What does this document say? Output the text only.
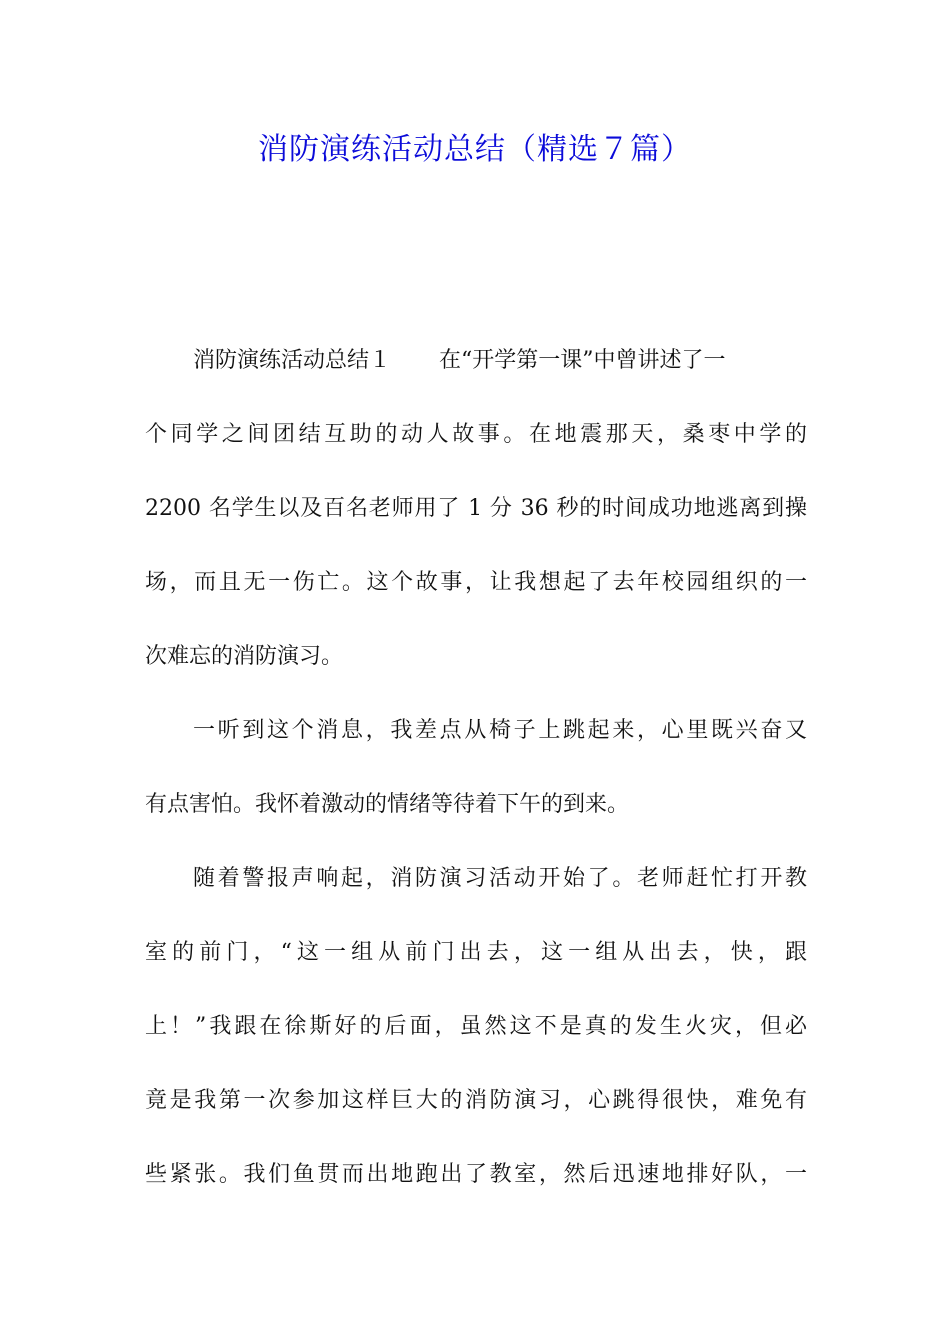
消防演练活动总结（精选７篇）
消防演练活动总结１ 在“开学第一课”中曾讲述了一
个同学之间团结互助的动人故事。在地震那天，桑枣中学的
2200 名学生以及百名老师用了 1 分 36 秒的时间成功地逃离到操
场，而且无一伤亡。这个故事，让我想起了去年校园组织的一
次难忘的消防演习。
一听到这个消息，我差点从椅子上跳起来，心里既兴奋又
有点害怕。我怀着激动的情绪等待着下午的到来。
随着警报声响起，消防演习活动开始了。老师赶忙打开教
室的前门，“这一组从前门出去，这一组从出去，快，跟
上！”我跟在徐斯好的后面，虽然这不是真的发生火灾，但必
竟是我第一次参加这样巨大的消防演习，心跳得很快，难免有
些紧张。我们鱼贯而出地跑出了教室，然后迅速地排好队，一
